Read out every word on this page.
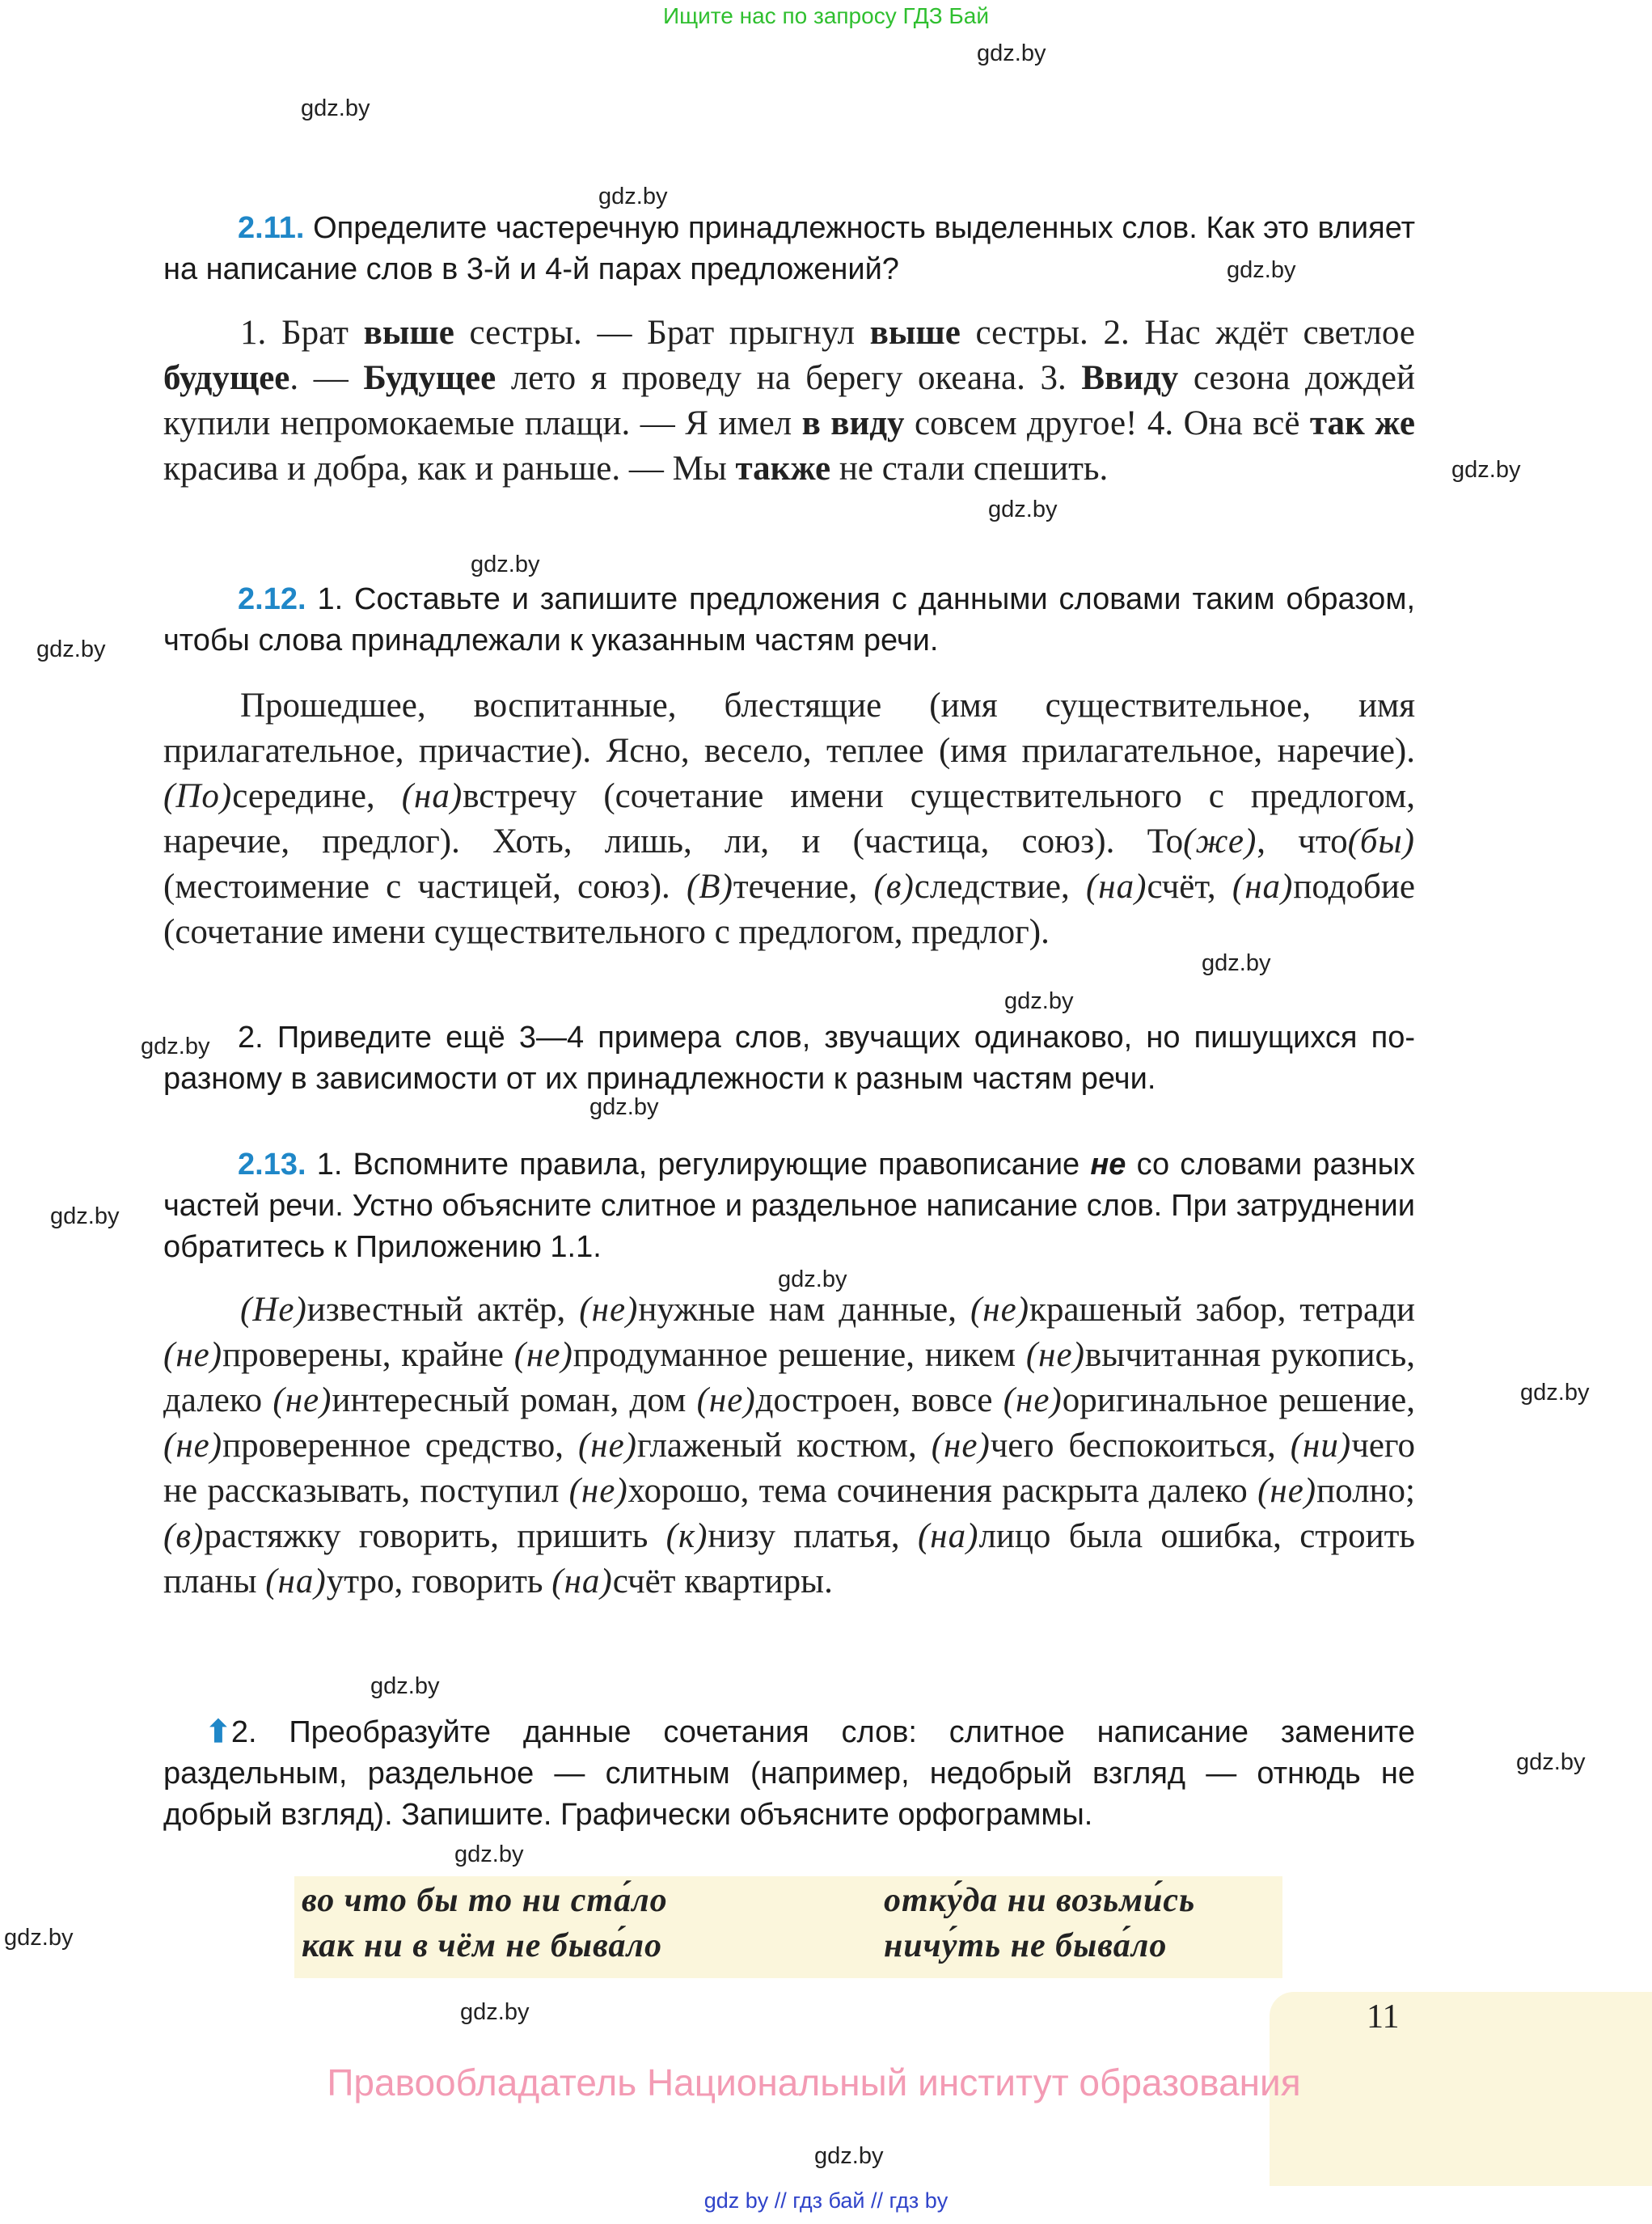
Ищите нас по запросу ГДЗ Бай
gdz.by
gdz.by
gdz.by
gdz.by
gdz.by
gdz.by
gdz.by
gdz.by
gdz.by
gdz.by
gdz.by
gdz.by
gdz.by
gdz.by
gdz.by
gdz.by
gdz.by
gdz.by
gdz.by
gdz.by
gdz.by

2.11. Определите частеречную принадлежность выделенных слов. Как это влияет на написание слов в 3-й и 4-й парах предложений?

1. Брат выше сестры. — Брат прыгнул выше сестры. 2. Нас ждёт светлое будущее. — Будущее лето я проведу на берегу океана. 3. Ввиду сезона дождей купили непромокаемые плащи. — Я имел в виду совсем другое! 4. Она всё так же красива и добра, как и раньше. — Мы также не стали спешить.

2.12. 1. Составьте и запишите предложения с данными словами таким образом, чтобы слова принадлежали к указанным частям речи.

Прошедшее, воспитанные, блестящие (имя существительное, имя прилагательное, причастие). Ясно, весело, теплее (имя прилагательное, наречие). (По)середине, (на)встречу (сочетание имени существительного с предлогом, наречие, предлог). Хоть, лишь, ли, и (частица, союз). То(же), что(бы) (местоимение с частицей, союз). (В)течение, (в)следствие, (на)счёт, (на)подобие (сочетание имени существительного с предлогом, предлог).

2. Приведите ещё 3—4 примера слов, звучащих одинаково, но пишущихся по-разному в зависимости от их принадлежности к разным частям речи.

2.13. 1. Вспомните правила, регулирующие правописание не со словами разных частей речи. Устно объясните слитное и раздельное написание слов. При затруднении обратитесь к Приложению 1.1.

(Не)известный актёр, (не)нужные нам данные, (не)крашеный забор, тетради (не)проверены, крайне (не)продуманное решение, никем (не)вычитанная рукопись, далеко (не)интересный роман, дом (не)достроен, вовсе (не)оригинальное решение, (не)проверенное средство, (не)глаженый костюм, (не)чего беспокоиться, (ни)чего не рассказывать, поступил (не)хорошо, тема сочинения раскрыта далеко (не)полно; (в)растяжку говорить, пришить (к)низу платья, (на)лицо была ошибка, строить планы (на)утро, говорить (на)счёт квартиры.

⬆2. Преобразуйте данные сочетания слов: слитное написание замените раздельным, раздельное — слитным (например, недобрый взгляд — отнюдь не добрый взгляд). Запишите. Графически объясните орфограммы.

во что бы то ни ста́ло	отку́да ни возьми́сь
как ни в чём не быва́ло	ничу́ть не быва́ло
11
Правообладатель Национальный институт образования
gdz by // гдз бай // гдз by
